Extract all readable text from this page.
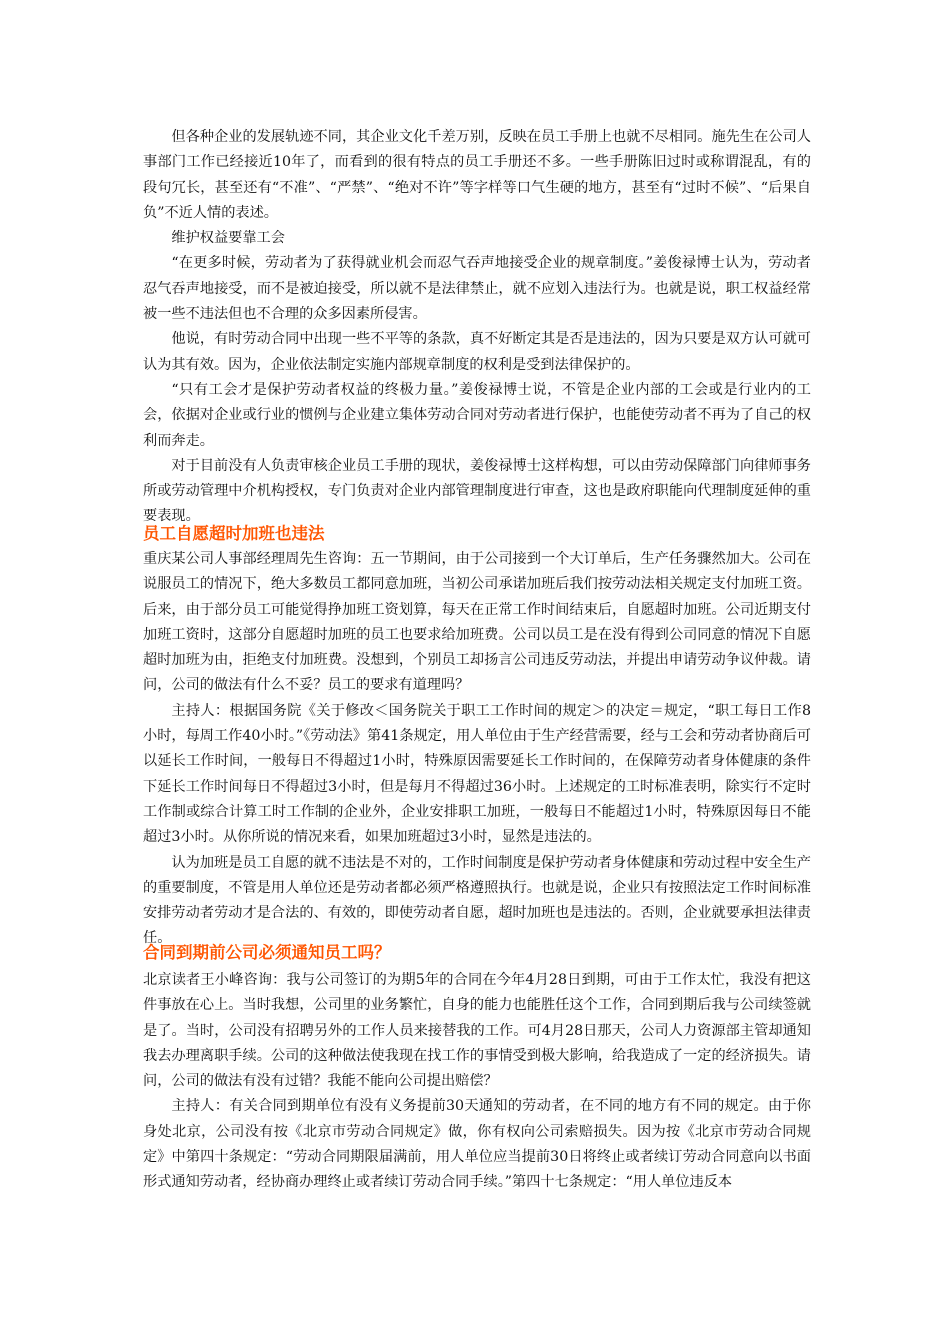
但各种企业的发展轨迹不同，其企业文化千差万别，反映在员工手册上也就不尽相同。施先生在公司人事部门工作已经接近10年了，而看到的很有特点的员工手册还不多。一些手册陈旧过时或称谓混乱，有的段句冗长，甚至还有“不准”、“严禁”、“绝对不许”等字样等口气生硬的地方，甚至有“过时不候”、“后果自负”不近人情的表述。

维护权益要靠工会

“在更多时候，劳动者为了获得就业机会而忍气吞声地接受企业的规章制度。”姜俊禄博士认为，劳动者忍气吞声地接受，而不是被迫接受，所以就不是法律禁止，就不应划入违法行为。也就是说，职工权益经常被一些不违法但也不合理的众多因素所侵害。

他说，有时劳动合同中出现一些不平等的条款，真不好断定其是否是违法的，因为只要是双方认可就可认为其有效。因为，企业依法制定实施内部规章制度的权利是受到法律保护的。

“只有工会才是保护劳动者权益的终极力量。”姜俊禄博士说，不管是企业内部的工会或是行业内的工会，依据对企业或行业的惯例与企业建立集体劳动合同对劳动者进行保护，也能使劳动者不再为了自己的权利而奔走。

对于目前没有人负责审核企业员工手册的现状，姜俊禄博士这样构想，可以由劳动保障部门向律师事务所或劳动管理中介机构授权，专门负责对企业内部管理制度进行审查，这也是政府职能向代理制度延伸的重要表现。

员工自愿超时加班也违法

重庆某公司人事部经理周先生咨询：五一节期间，由于公司接到一个大订单后，生产任务骤然加大。公司在说服员工的情况下，绝大多数员工都同意加班，当初公司承诺加班后我们按劳动法相关规定支付加班工资。后来，由于部分员工可能觉得挣加班工资划算，每天在正常工作时间结束后，自愿超时加班。公司近期支付加班工资时，这部分自愿超时加班的员工也要求给加班费。公司以员工是在没有得到公司同意的情况下自愿超时加班为由，拒绝支付加班费。没想到，个别员工却扬言公司违反劳动法，并提出申请劳动争议仲裁。请问，公司的做法有什么不妥？员工的要求有道理吗？

主持人：根据国务院《关于修改＜国务院关于职工工作时间的规定＞的决定＝规定，“职工每日工作8小时，每周工作40小时。”《劳动法》第41条规定，用人单位由于生产经营需要，经与工会和劳动者协商后可以延长工作时间，一般每日不得超过1小时，特殊原因需要延长工作时间的，在保障劳动者身体健康的条件下延长工作时间每日不得超过3小时，但是每月不得超过36小时。上述规定的工时标准表明，除实行不定时工作制或综合计算工时工作制的企业外，企业安排职工加班，一般每日不能超过1小时，特殊原因每日不能超过3小时。从你所说的情况来看，如果加班超过3小时，显然是违法的。

认为加班是员工自愿的就不违法是不对的，工作时间制度是保护劳动者身体健康和劳动过程中安全生产的重要制度，不管是用人单位还是劳动者都必须严格遵照执行。也就是说，企业只有按照法定工作时间标准安排劳动者劳动才是合法的、有效的，即使劳动者自愿，超时加班也是违法的。否则，企业就要承担法律责任。

合同到期前公司必须通知员工吗？

北京读者王小峰咨询：我与公司签订的为期5年的合同在今年4月28日到期，可由于工作太忙，我没有把这件事放在心上。当时我想，公司里的业务繁忙，自身的能力也能胜任这个工作，合同到期后我与公司续签就是了。当时，公司没有招聘另外的工作人员来接替我的工作。可4月28日那天，公司人力资源部主管却通知我去办理离职手续。公司的这种做法使我现在找工作的事情受到极大影响，给我造成了一定的经济损失。请问，公司的做法有没有过错？我能不能向公司提出赔偿？

主持人：有关合同到期单位有没有义务提前30天通知的劳动者，在不同的地方有不同的规定。由于你身处北京，公司没有按《北京市劳动合同规定》做，你有权向公司索赔损失。因为按《北京市劳动合同规定》中第四十条规定：“劳动合同期限届满前，用人单位应当提前30日将终止或者续订劳动合同意向以书面形式通知劳动者，经协商办理终止或者续订劳动合同手续。”第四十七条规定：“用人单位违反本
